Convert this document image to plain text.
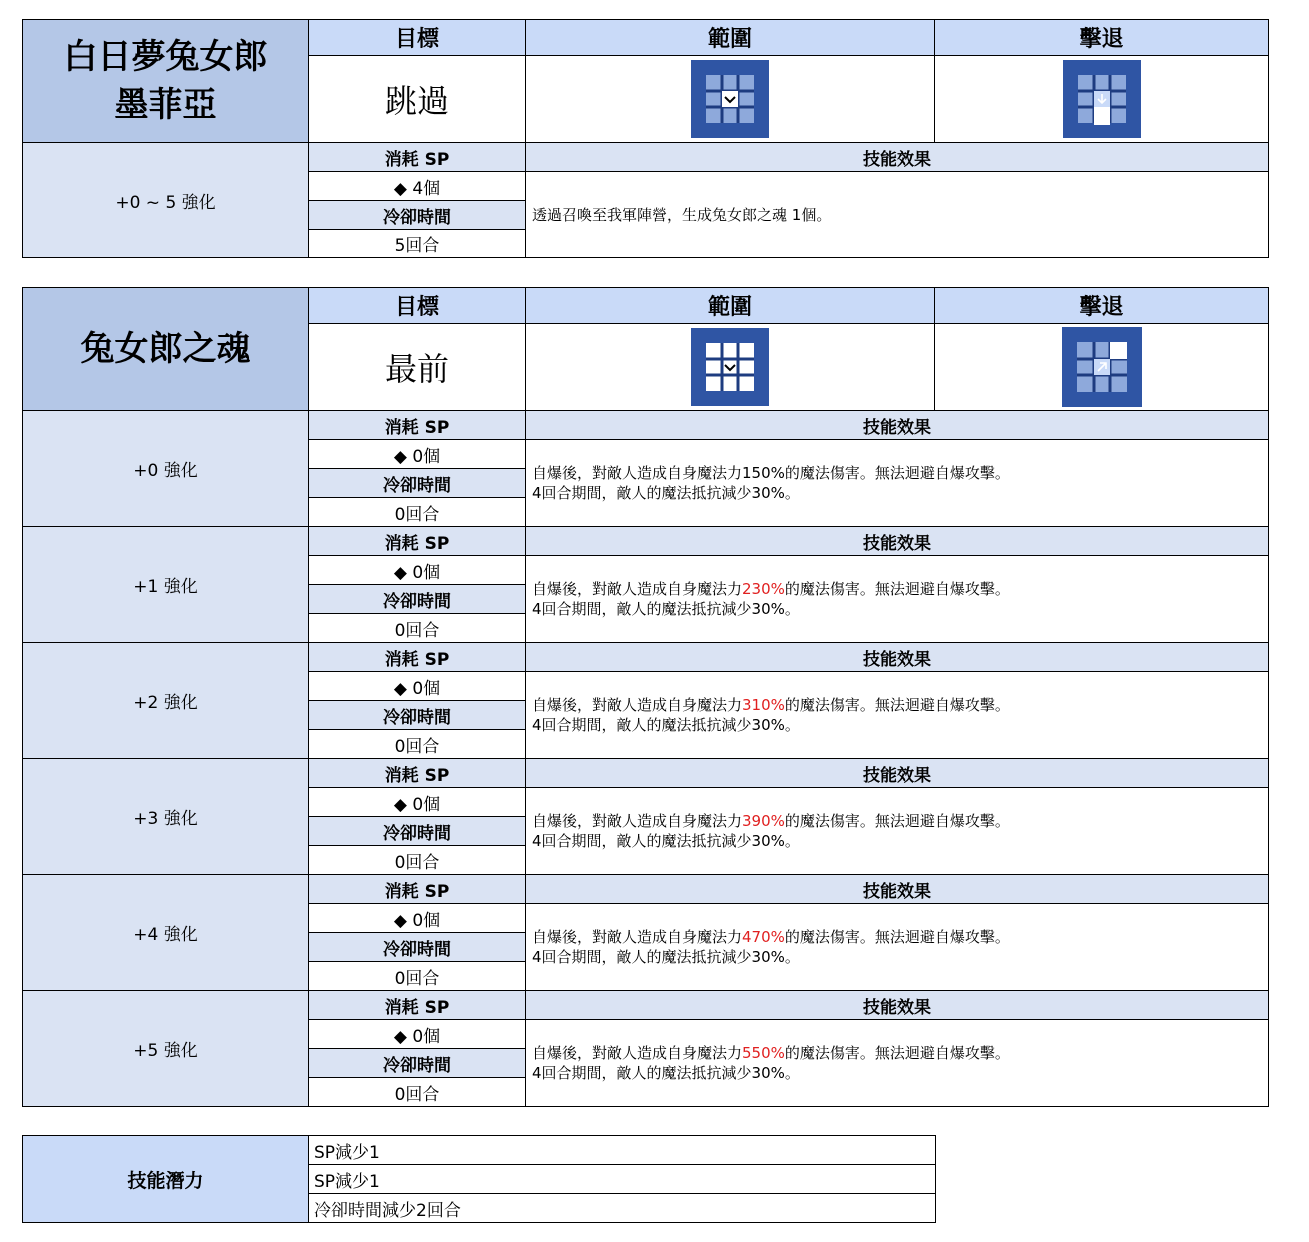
白日夢兔女郎
墨菲亞	目標	範圍	擊退
	跳過		
+0 ~ 5 強化	消耗 SP	技能效果	
	◆ 4個	透過召喚至我軍陣營，生成兔女郎之魂 1個。	
	冷卻時間		
	5回合		
兔女郎之魂	目標	範圍	擊退
	最前		
+0 強化	消耗 SP	技能效果	
	◆ 0個	自爆後，對敵人造成自身魔法力150%的魔法傷害。無法迴避自爆攻擊。
4回合期間，敵人的魔法抵抗減少30%。	

	冷卻時間		
	0回合		
+1 強化	消耗 SP	技能效果	
	◆ 0個	自爆後，對敵人造成自身魔法力230%的魔法傷害。無法迴避自爆攻擊。
4回合期間，敵人的魔法抵抗減少30%。	

	冷卻時間		
	0回合		
+2 強化	消耗 SP	技能效果	
	◆ 0個	自爆後，對敵人造成自身魔法力310%的魔法傷害。無法迴避自爆攻擊。
4回合期間，敵人的魔法抵抗減少30%。	

	冷卻時間		
	0回合		
+3 強化	消耗 SP	技能效果	
	◆ 0個	自爆後，對敵人造成自身魔法力390%的魔法傷害。無法迴避自爆攻擊。
4回合期間，敵人的魔法抵抗減少30%。	

	冷卻時間		
	0回合		
+4 強化	消耗 SP	技能效果	
	◆ 0個	自爆後，對敵人造成自身魔法力470%的魔法傷害。無法迴避自爆攻擊。
4回合期間，敵人的魔法抵抗減少30%。	

	冷卻時間		
	0回合		
+5 強化	消耗 SP	技能效果	
	◆ 0個	自爆後，對敵人造成自身魔法力550%的魔法傷害。無法迴避自爆攻擊。
4回合期間，敵人的魔法抵抗減少30%。	

	冷卻時間		
	0回合		
技能潛力	SP減少1
SP減少1
冷卻時間減少2回合
